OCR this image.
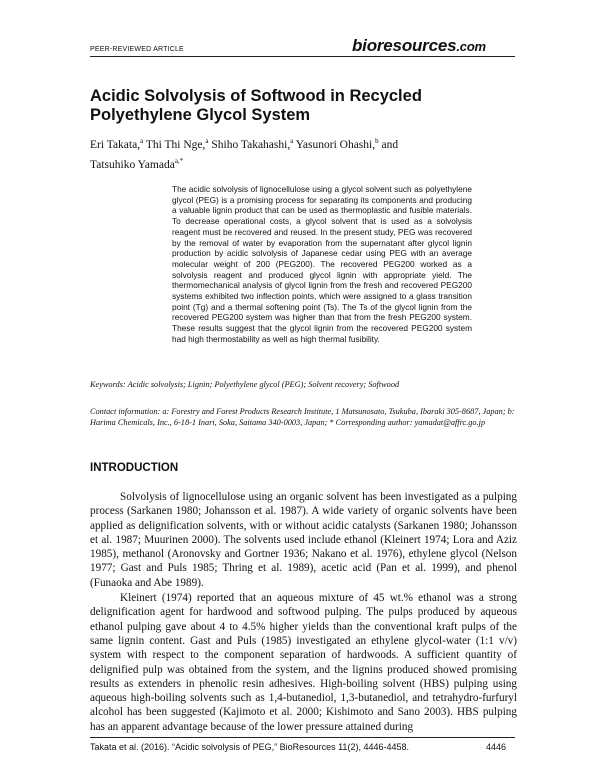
PEER-REVIEWED ARTICLE	bioresources.com
Acidic Solvolysis of Softwood in Recycled Polyethylene Glycol System
Eri Takata,$^a$ Thi Thi Nge,$^a$ Shiho Takahashi,$^a$ Yasunori Ohashi,$^b$ and
Tatsuhiko Yamada$^{a,*}$
The acidic solvolysis of lignocellulose using a glycol solvent such as polyethylene glycol (PEG) is a promising process for separating its components and producing a valuable lignin product that can be used as thermoplastic and fusible materials. To decrease operational costs, a glycol solvent that is used as a solvolysis reagent must be recovered and reused. In the present study, PEG was recovered by the removal of water by evaporation from the supernatant after glycol lignin production by acidic solvolysis of Japanese cedar using PEG with an average molecular weight of 200 (PEG200). The recovered PEG200 worked as a solvolysis reagent and produced glycol lignin with appropriate yield. The thermomechanical analysis of glycol lignin from the fresh and recovered PEG200 systems exhibited two inflection points, which were assigned to a glass transition point (Tg) and a thermal softening point (Ts). The Ts of the glycol lignin from the recovered PEG200 system was higher than that from the fresh PEG200 system. These results suggest that the glycol lignin from the recovered PEG200 system had high thermostability as well as high thermal fusibility.
Keywords: Acidic solvolysis; Lignin; Polyethylene glycol (PEG); Solvent recovery; Softwood
Contact information: a: Forestry and Forest Products Research Institute, 1 Matsunosato, Tsukuba, Ibaraki 305-8687, Japan; b: Harima Chemicals, Inc., 6-18-1 Inari, Soka, Saitama 340-0003, Japan; * Corresponding author: yamadat@affrc.go.jp
INTRODUCTION

Solvolysis of lignocellulose using an organic solvent has been investigated as a pulping process (Sarkanen 1980; Johansson et al. 1987). A wide variety of organic solvents have been applied as delignification solvents, with or without acidic catalysts (Sarkanen 1980; Johansson et al. 1987; Muurinen 2000). The solvents used include ethanol (Kleinert 1974; Lora and Aziz 1985), methanol (Aronovsky and Gortner 1936; Nakano et al. 1976), ethylene glycol (Nelson 1977; Gast and Puls 1985; Thring et al. 1989), acetic acid (Pan et al. 1999), and phenol (Funaoka and Abe 1989).

Kleinert (1974) reported that an aqueous mixture of 45 wt.% ethanol was a strong delignification agent for hardwood and softwood pulping. The pulps produced by aqueous ethanol pulping gave about 4 to 4.5% higher yields than the conventional kraft pulps of the same lignin content. Gast and Puls (1985) investigated an ethylene glycol-water (1:1 v/v) system with respect to the component separation of hardwoods. A sufficient quantity of delignified pulp was obtained from the system, and the lignins produced showed promising results as extenders in phenolic resin adhesives. High-boiling solvent (HBS) pulping using aqueous high-boiling solvents such as 1,4-butanediol, 1,3-butanediol, and tetrahydro-furfuryl alcohol has been suggested (Kajimoto et al. 2000; Kishimoto and Sano 2003). HBS pulping has an apparent advantage because of the lower pressure attained during

Takata et al. (2016). “Acidic solvolysis of PEG,” BioResources 11(2), 4446-4458.	4446
